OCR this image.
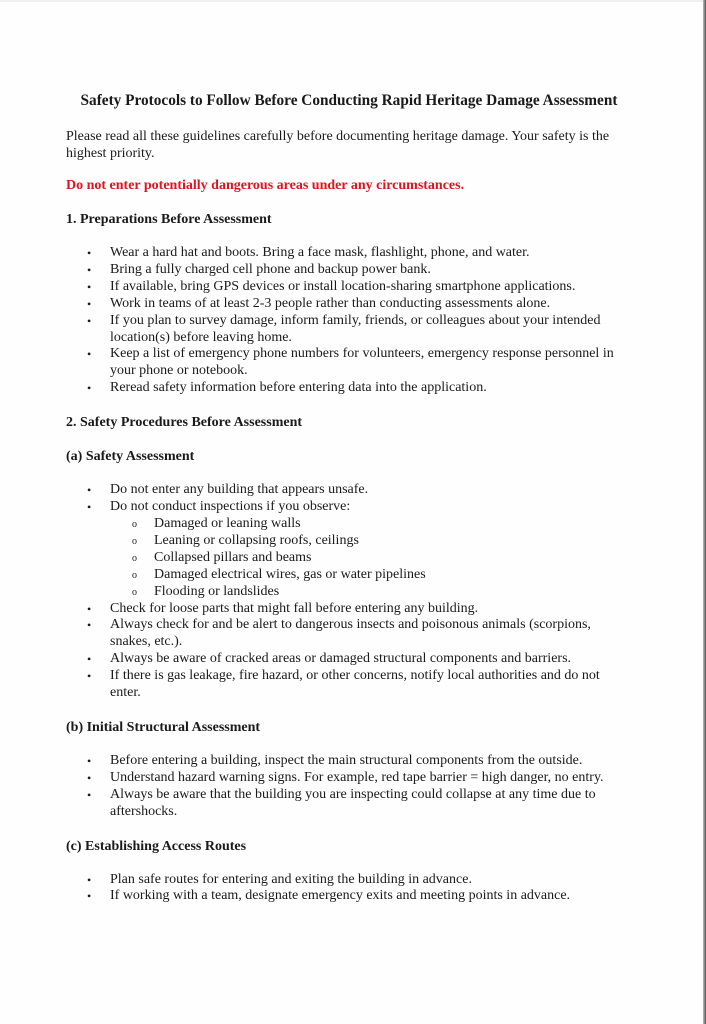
Safety Protocols to Follow Before Conducting Rapid Heritage Damage Assessment

Please read all these guidelines carefully before documenting heritage damage. Your safety is the highest priority.

Do not enter potentially dangerous areas under any circumstances.

1. Preparations Before Assessment
• Wear a hard hat and boots. Bring a face mask, flashlight, phone, and water.
• Bring a fully charged cell phone and backup power bank.
• If available, bring GPS devices or install location-sharing smartphone applications.
• Work in teams of at least 2-3 people rather than conducting assessments alone.
• If you plan to survey damage, inform family, friends, or colleagues about your intended location(s) before leaving home.
• Keep a list of emergency phone numbers for volunteers, emergency response personnel in your phone or notebook.
• Reread safety information before entering data into the application.
2. Safety Procedures Before Assessment
(a) Safety Assessment
• Do not enter any building that appears unsafe.
• Do not conduct inspections if you observe:
o Damaged or leaning walls
o Leaning or collapsing roofs, ceilings
o Collapsed pillars and beams
o Damaged electrical wires, gas or water pipelines
o Flooding or landslides
• Check for loose parts that might fall before entering any building.
• Always check for and be alert to dangerous insects and poisonous animals (scorpions, snakes, etc.).
• Always be aware of cracked areas or damaged structural components and barriers.
• If there is gas leakage, fire hazard, or other concerns, notify local authorities and do not enter.
(b) Initial Structural Assessment
• Before entering a building, inspect the main structural components from the outside.
• Understand hazard warning signs. For example, red tape barrier = high danger, no entry.
• Always be aware that the building you are inspecting could collapse at any time due to aftershocks.
(c) Establishing Access Routes
• Plan safe routes for entering and exiting the building in advance.
• If working with a team, designate emergency exits and meeting points in advance.
